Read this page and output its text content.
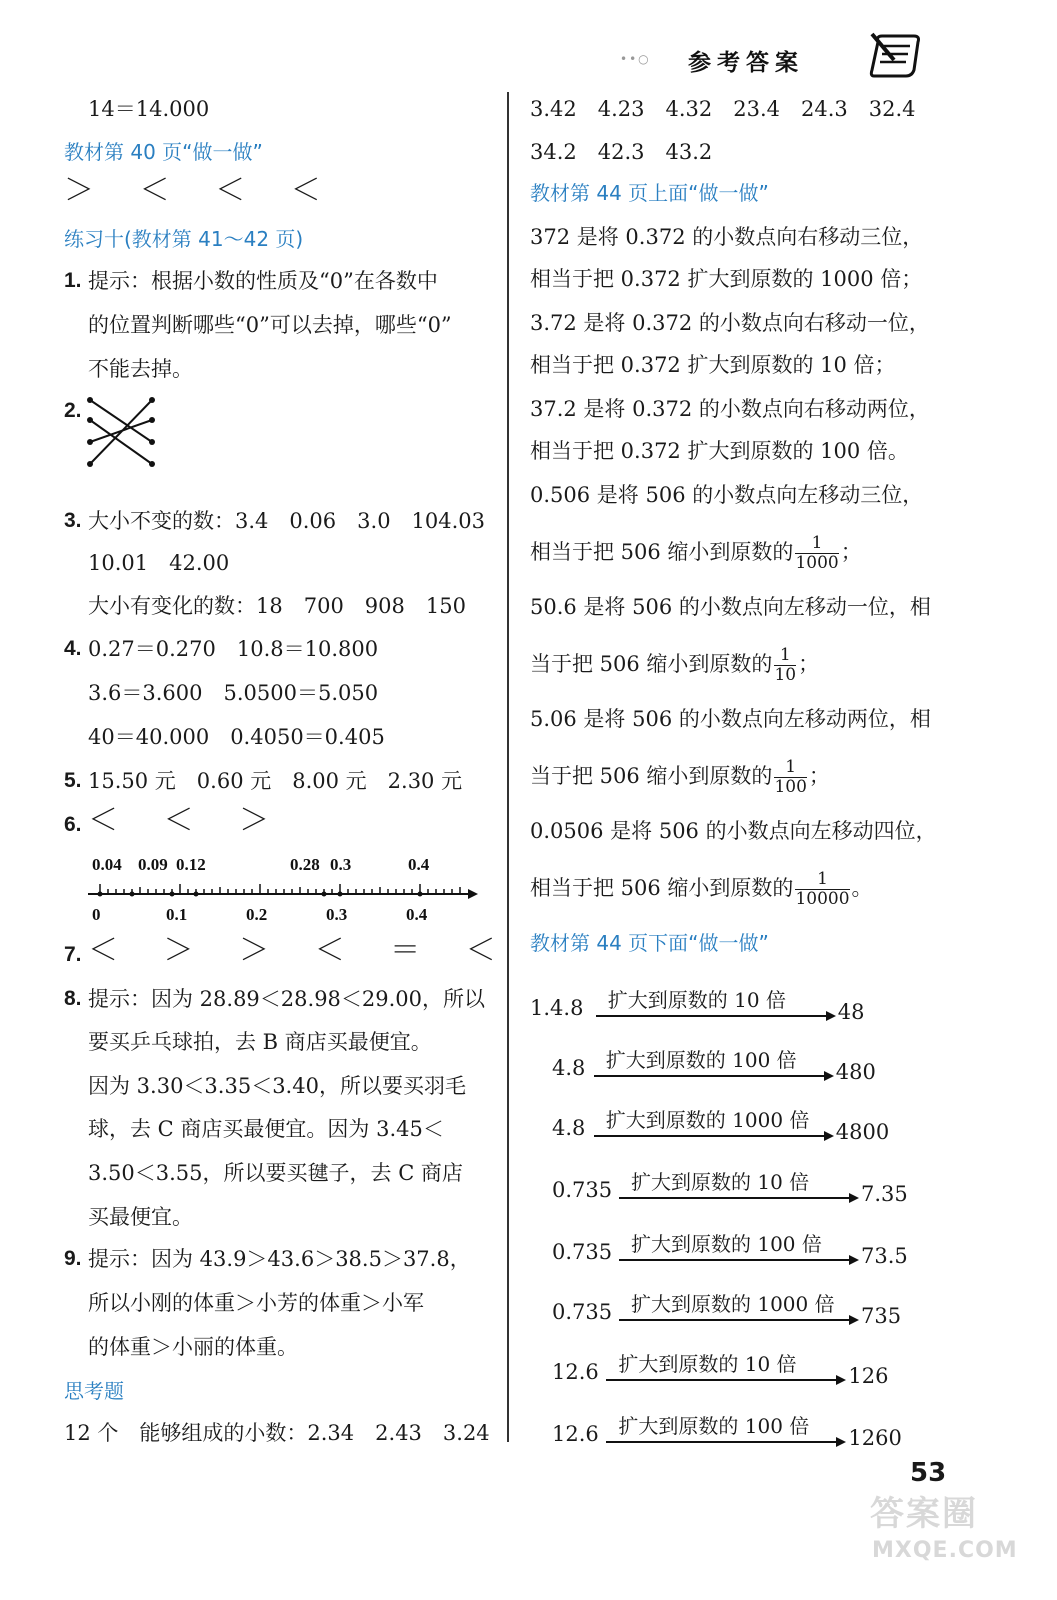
••○ 参考答案
14＝14.000
教材第 40 页“做一做”
＞ ＜ ＜ ＜
练习十(教材第 41～42 页)
1. 提示：根据小数的性质及“0”在各数中
的位置判断哪些“0”可以去掉，哪些“0”
不能去掉。
2.
3. 大小不变的数：3.4　0.06　3.0　104.03
10.01　42.00
大小有变化的数：18　700　908　150
4. 0.27＝0.270　10.8＝10.800
3.6＝3.600　5.0500＝5.050
40＝40.000　0.4050＝0.405
5. 15.50 元　0.60 元　8.00 元　2.30 元
6. ＜ ＜ ＞
0.04 0.09 0.12	0.28 0.3	0.4
0	0.1	0.2	0.3	0.4
7. ＜ ＞ ＞ ＜ ＝ ＜
8. 提示：因为 28.89＜28.98＜29.00，所以
要买乒乓球拍，去 B 商店买最便宜。
因为 3.30＜3.35＜3.40，所以要买羽毛
球，去 C 商店买最便宜。因为 3.45＜
3.50＜3.55，所以要买毽子，去 C 商店
买最便宜。
9. 提示：因为 43.9＞43.6＞38.5＞37.8，
所以小刚的体重＞小芳的体重＞小军
的体重＞小丽的体重。
思考题
12 个　能够组成的小数：2.34　2.43　3.24
3.42　4.23　4.32　23.4　24.3　32.4
34.2　42.3　43.2
教材第 44 页上面“做一做”
372 是将 0.372 的小数点向右移动三位，
相当于把 0.372 扩大到原数的 1000 倍；
3.72 是将 0.372 的小数点向右移动一位，
相当于把 0.372 扩大到原数的 10 倍；
37.2 是将 0.372 的小数点向右移动两位，
相当于把 0.372 扩大到原数的 100 倍。
0.506 是将 506 的小数点向左移动三位，
相当于把 506 缩小到原数的 $\frac{1}{1000}$ ；
50.6 是将 506 的小数点向左移动一位，相
当于把 506 缩小到原数的 $\frac{1}{10}$ ；
5.06 是将 506 的小数点向左移动两位，相
当于把 506 缩小到原数的 $\frac{1}{100}$ ；
0.0506 是将 506 的小数点向左移动四位，
相当于把 506 缩小到原数的 $\frac{1}{10000}$ 。
教材第 44 页下面“做一做”
1.4.8 扩大到原数的 10 倍 48
4.8 扩大到原数的 100 倍 480
4.8 扩大到原数的 1000 倍 4800
0.735 扩大到原数的 10 倍 7.35
0.735 扩大到原数的 100 倍 73.5
0.735 扩大到原数的 1000 倍 735
12.6 扩大到原数的 10 倍 126
12.6 扩大到原数的 100 倍 1260
53
答案圈
MXQE.COM
